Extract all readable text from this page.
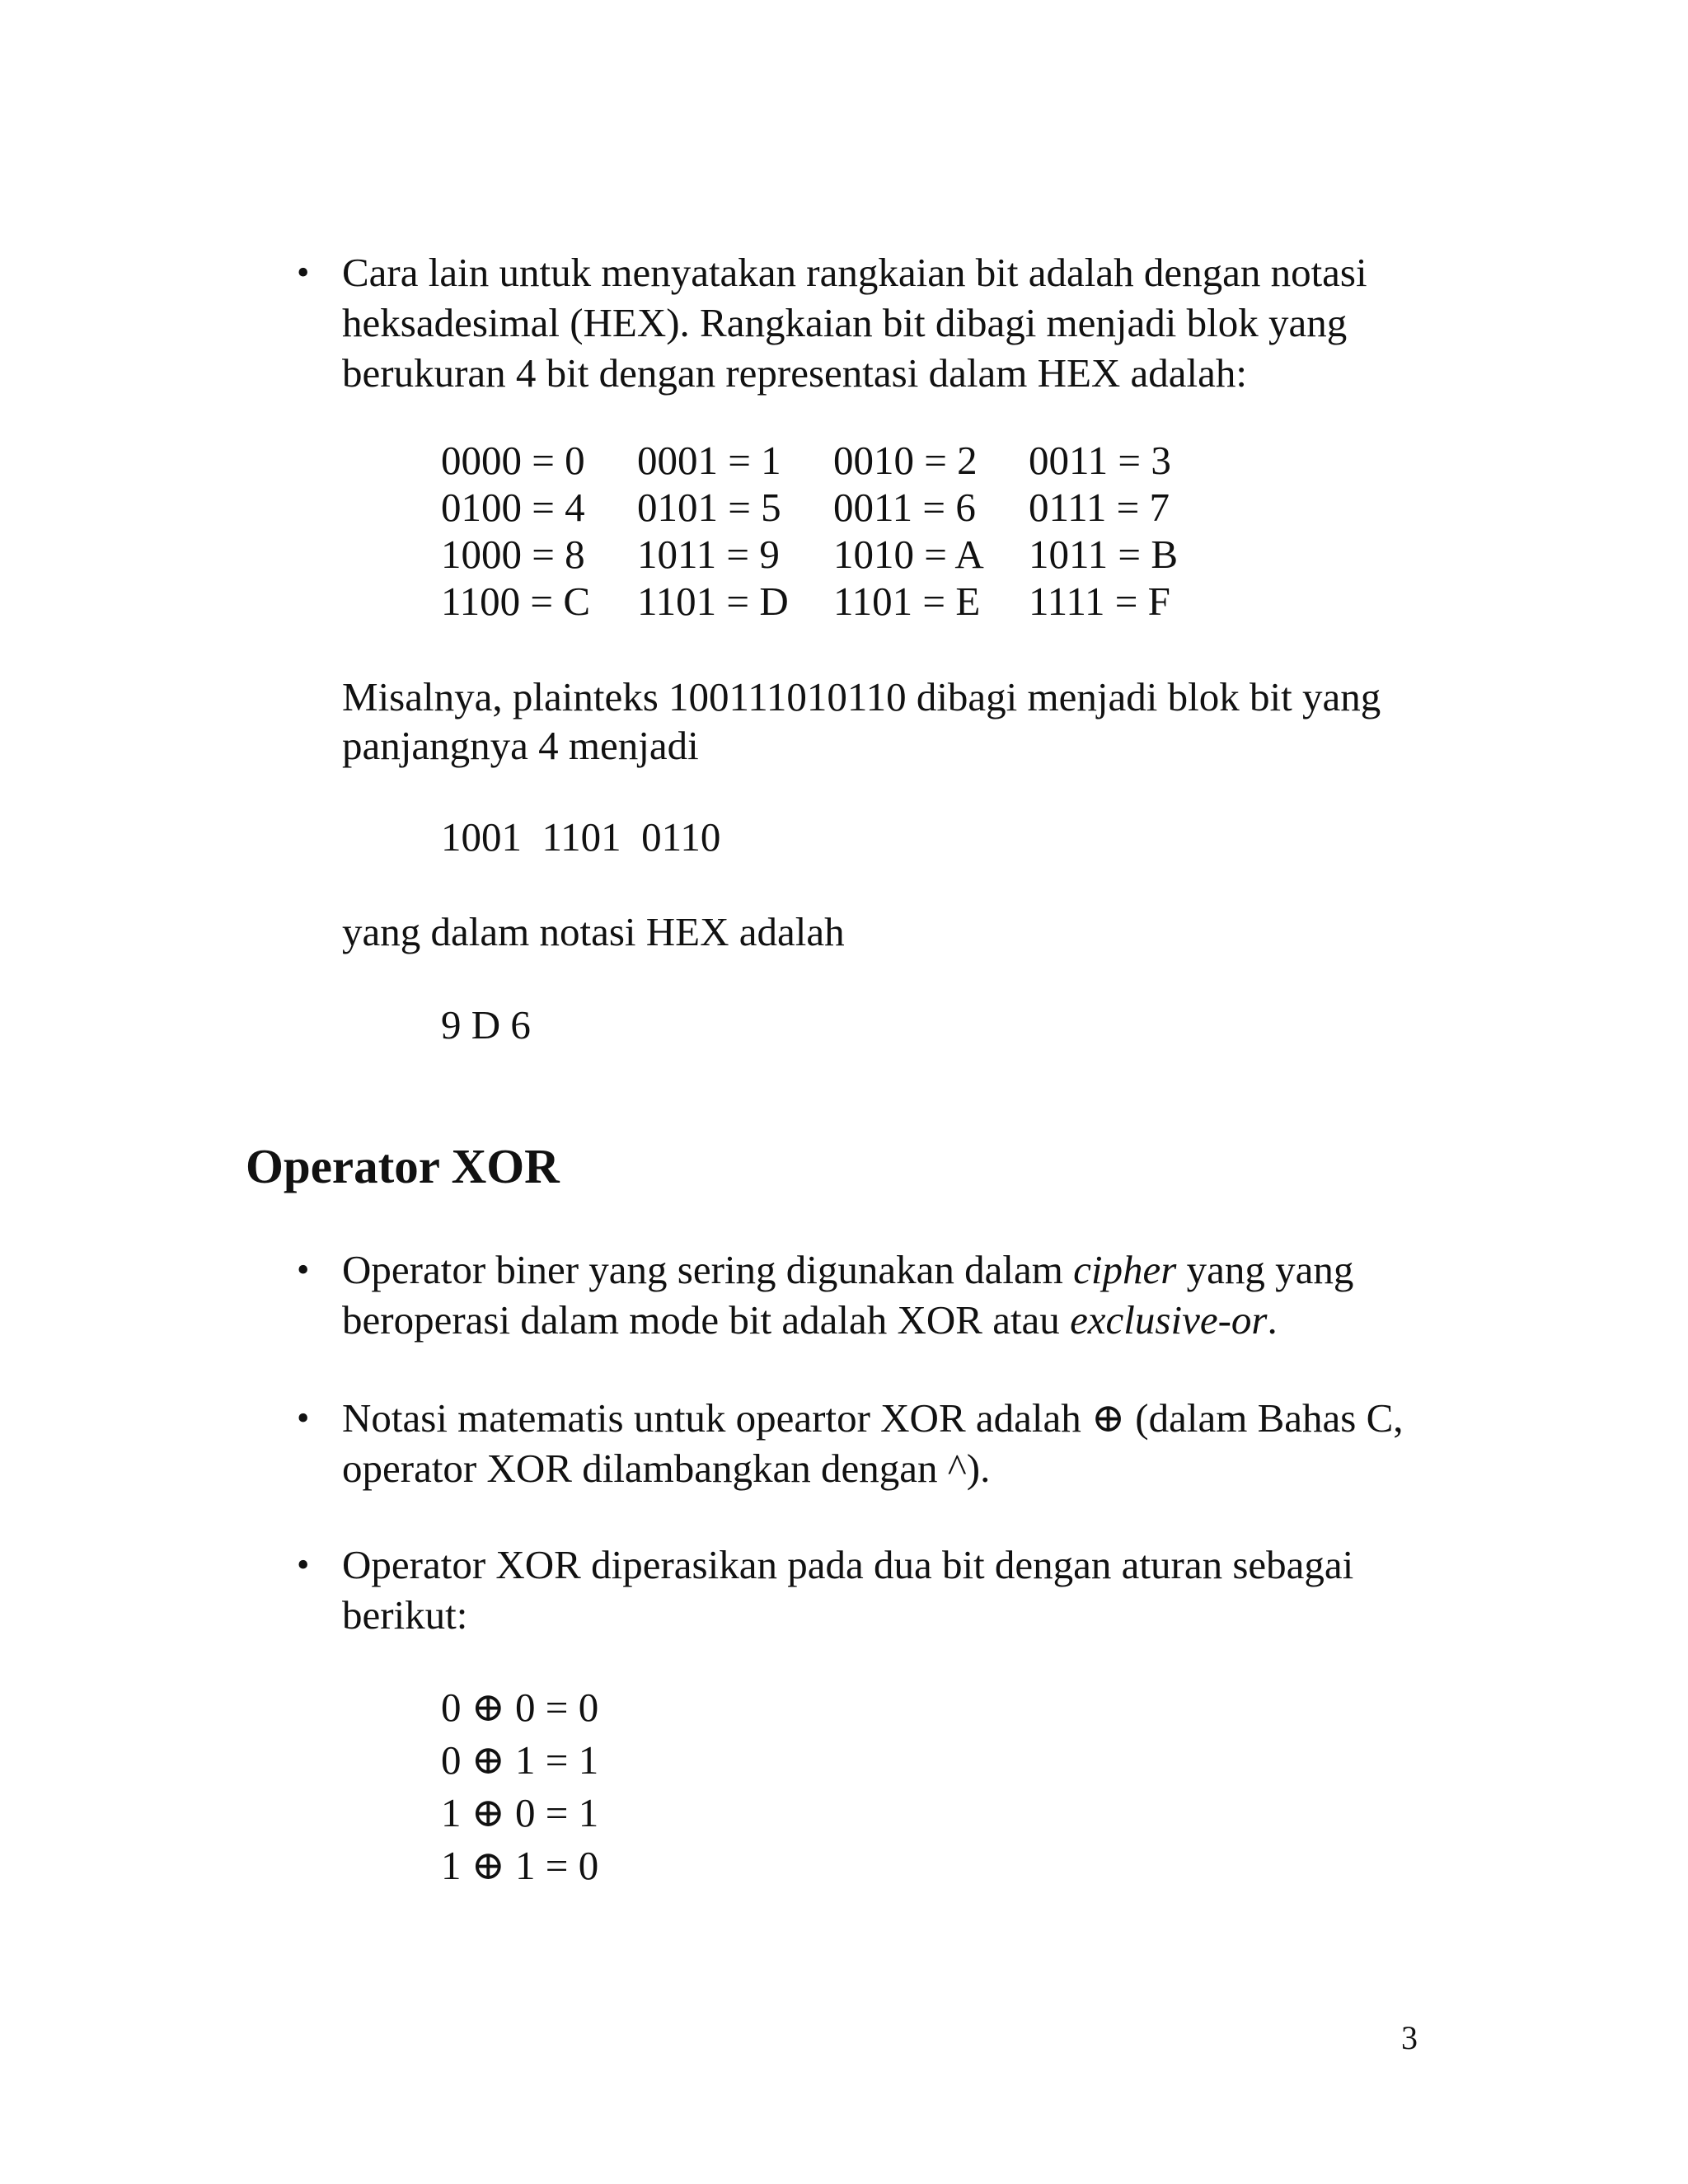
• Cara lain untuk menyatakan rangkaian bit adalah dengan notasi
heksadesimal (HEX). Rangkaian bit dibagi menjadi blok yang
berukuran 4 bit dengan representasi dalam HEX adalah:
0000 = 0 0001 = 1 0010 = 2 0011 = 3
0100 = 4 0101 = 5 0011 = 6 0111 = 7
1000 = 8 1011 = 9 1010 = A 1011 = B
1100 = C 1101 = D 1101 = E 1111 = F
Misalnya, plainteks 100111010110 dibagi menjadi blok bit yang
panjangnya 4 menjadi
1001  1101  0110
yang dalam notasi HEX adalah
9 D 6
Operator XOR
• Operator biner yang sering digunakan dalam cipher yang yang
beroperasi dalam mode bit adalah XOR atau exclusive-or.
• Notasi matematis untuk opeartor XOR adalah ⊕ (dalam Bahas C,
operator XOR dilambangkan dengan ^).
• Operator XOR diperasikan pada dua bit dengan aturan sebagai
berikut:
0 ⊕ 0 = 0
0 ⊕ 1 = 1
1 ⊕ 0 = 1
1 ⊕ 1 = 0
3
